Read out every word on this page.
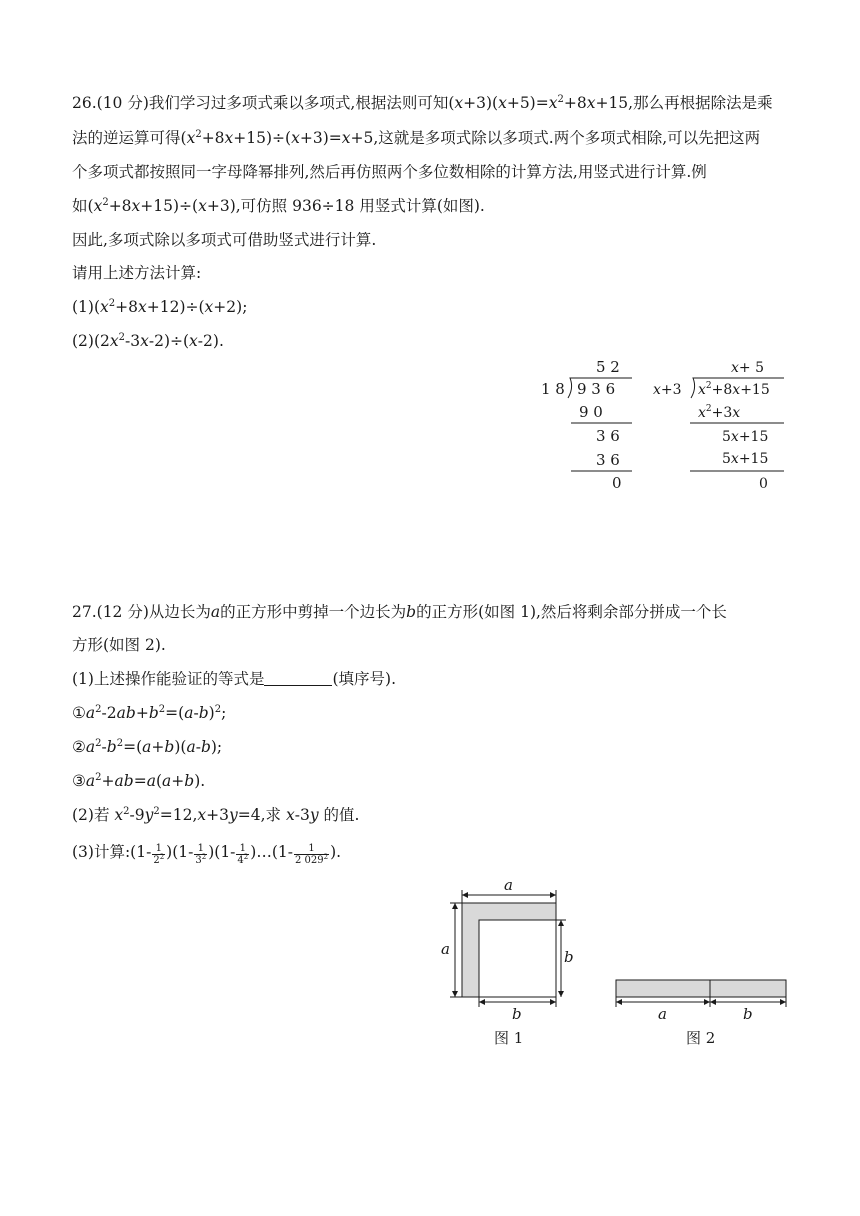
26.(10 分)我们学习过多项式乘以多项式,根据法则可知$(x+3)(x+5)=x^2+8x+15$,那么再根据除法是乘
法的逆运算可得$(x^2+8x+15)\div(x+3)=x+5$,这就是多项式除以多项式.两个多项式相除,可以先把这两
个多项式都按照同一字母降幂排列,然后再仿照两个多位数相除的计算方法,用竖式进行计算.例
如$(x^2+8x+15)\div(x+3)$,可仿照 936÷18 用竖式计算(如图).
因此,多项式除以多项式可借助竖式进行计算.
请用上述方法计算:
$(1)(x^2+8x+12)\div(x+2)$;
$(2)(2x^2-3x-2)\div(x-2)$.
5 2
1 8 9 3 6
9 0
3 6
3 6
0
x+ 5
x+3 $x^2+8x+15$
$x^2+3x$
5x+15
5x+15
0
a
a	b
b
图 1
a	b
图 2
27.(12 分)从边长为a的正方形中剪掉一个边长为b的正方形(如图 1),然后将剩余部分拼成一个长
方形(如图 2).
(1)上述操作能验证的等式是	(填序号).
$①a^2-2ab+b^2=(a-b)^2$;
$②a^2-b^2=(a+b)(a-b)$;
$③a^2+ab=a(a+b)$.
(2)若 $x^2-9y^2=12,x+3y=4$,求 x-3y 的值.
(3)计算:(1- $\frac{1}{2^2} )(1- \frac{1}{3^2} )(1- \frac{1}{4^2}$ )…(1- $\frac{1}{2 029^2}$ ).
